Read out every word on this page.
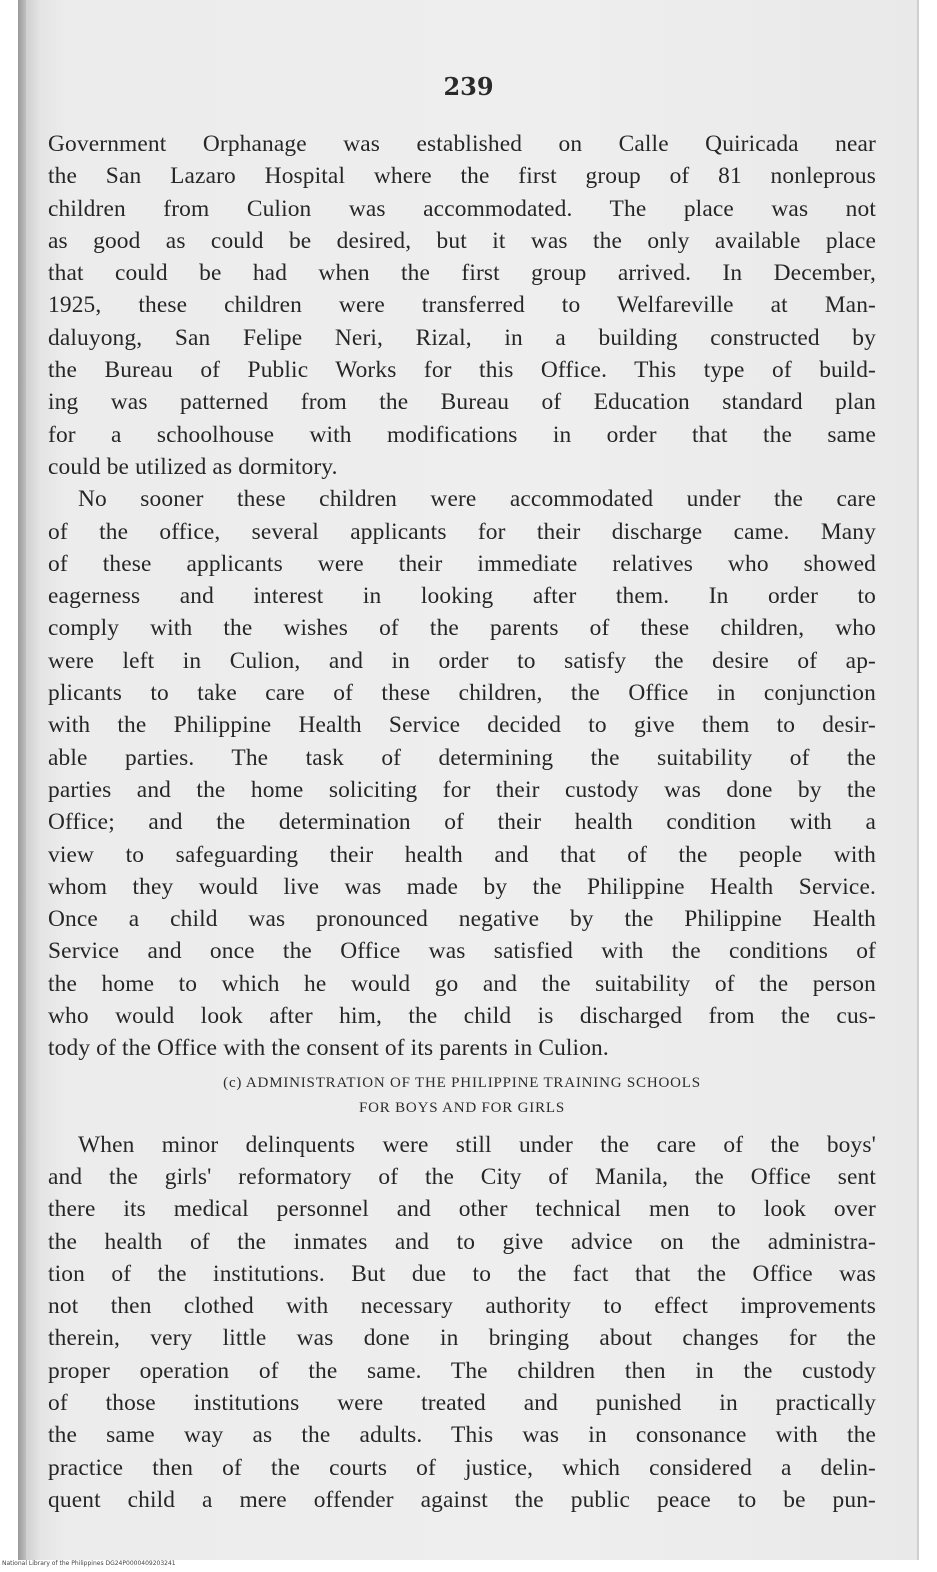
239
Government Orphanage was established on Calle Quiricada near
the San Lazaro Hospital where the first group of 81 nonleprous
children from Culion was accommodated. The place was not
as good as could be desired, but it was the only available place
that could be had when the first group arrived. In December,
1925, these children were transferred to Welfareville at Man-
daluyong, San Felipe Neri, Rizal, in a building constructed by
the Bureau of Public Works for this Office. This type of build-
ing was patterned from the Bureau of Education standard plan
for a schoolhouse with modifications in order that the same
could be utilized as dormitory.
No sooner these children were accommodated under the care
of the office, several applicants for their discharge came. Many
of these applicants were their immediate relatives who showed
eagerness and interest in looking after them. In order to
comply with the wishes of the parents of these children, who
were left in Culion, and in order to satisfy the desire of ap-
plicants to take care of these children, the Office in conjunction
with the Philippine Health Service decided to give them to desir-
able parties. The task of determining the suitability of the
parties and the home soliciting for their custody was done by the
Office; and the determination of their health condition with a
view to safeguarding their health and that of the people with
whom they would live was made by the Philippine Health Service.
Once a child was pronounced negative by the Philippine Health
Service and once the Office was satisfied with the conditions of
the home to which he would go and the suitability of the person
who would look after him, the child is discharged from the cus-
tody of the Office with the consent of its parents in Culion.
(c) ADMINISTRATION OF THE PHILIPPINE TRAINING SCHOOLS
FOR BOYS AND FOR GIRLS
When minor delinquents were still under the care of the boys'
and the girls' reformatory of the City of Manila, the Office sent
there its medical personnel and other technical men to look over
the health of the inmates and to give advice on the administra-
tion of the institutions. But due to the fact that the Office was
not then clothed with necessary authority to effect improvements
therein, very little was done in bringing about changes for the
proper operation of the same. The children then in the custody
of those institutions were treated and punished in practically
the same way as the adults. This was in consonance with the
practice then of the courts of justice, which considered a delin-
quent child a mere offender against the public peace to be pun-
National Library of the Philippines DG24P0000409203241
